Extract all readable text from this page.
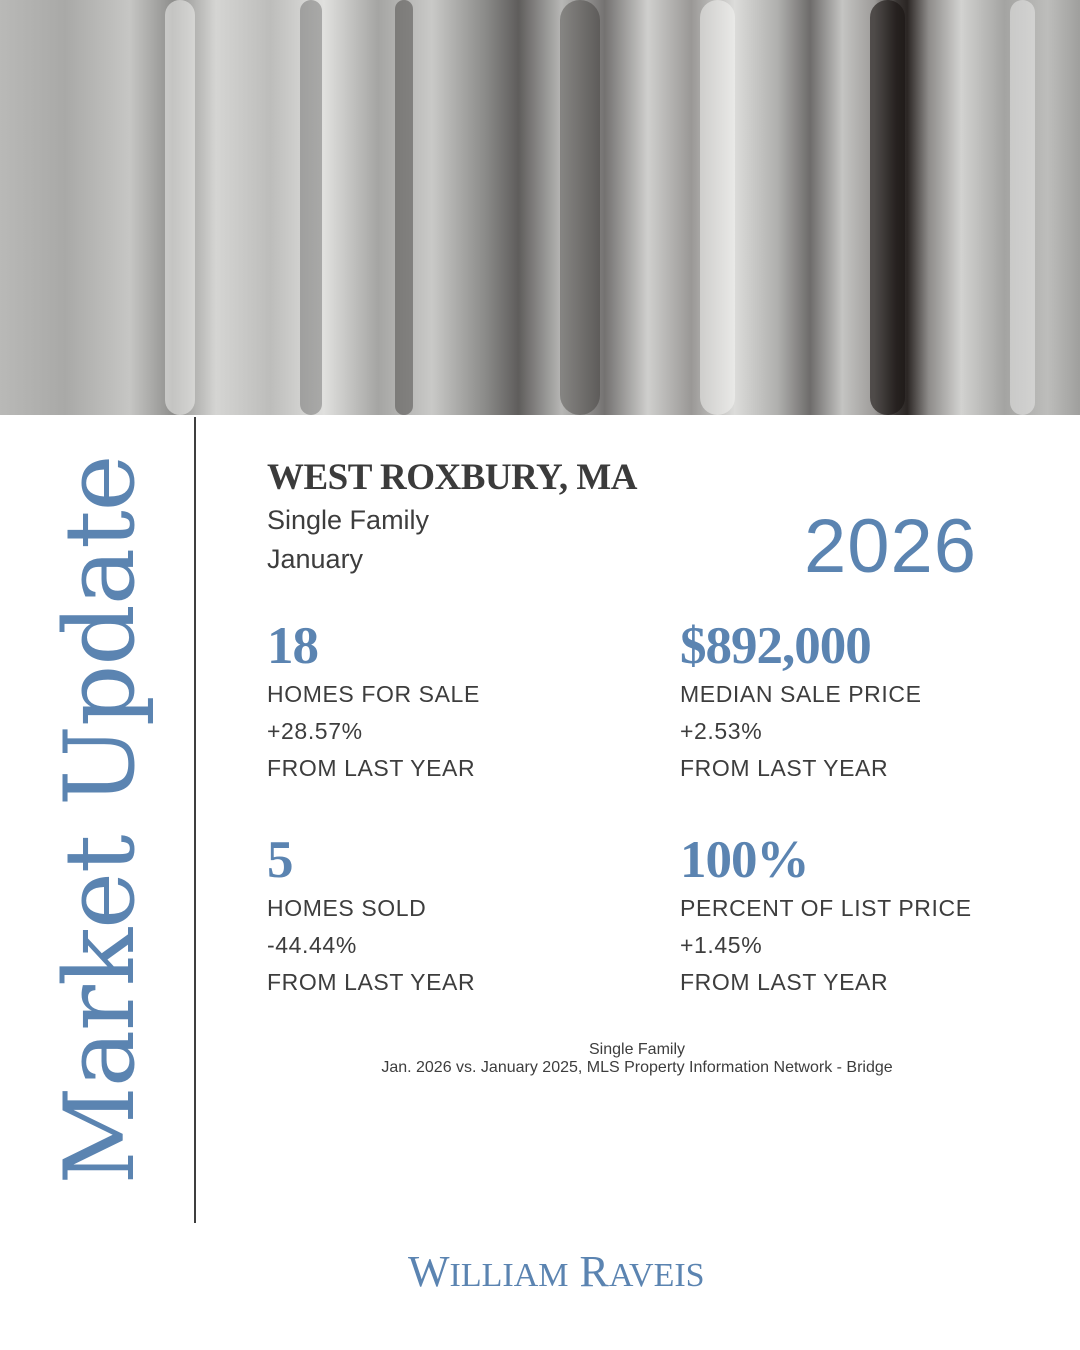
Market Update	WEST ROXBURY, MA
Single Family
January	2026
18
HOMES FOR SALE
+28.57%
FROM LAST YEAR
$892,000
MEDIAN SALE PRICE
+2.53%
FROM LAST YEAR
5
HOMES SOLD
-44.44%
FROM LAST YEAR
100%
PERCENT OF LIST PRICE
+1.45%
FROM LAST YEAR
Single Family
Jan. 2026 vs. January 2025, MLS Property Information Network - Bridge
WILLIAM RAVEIS
